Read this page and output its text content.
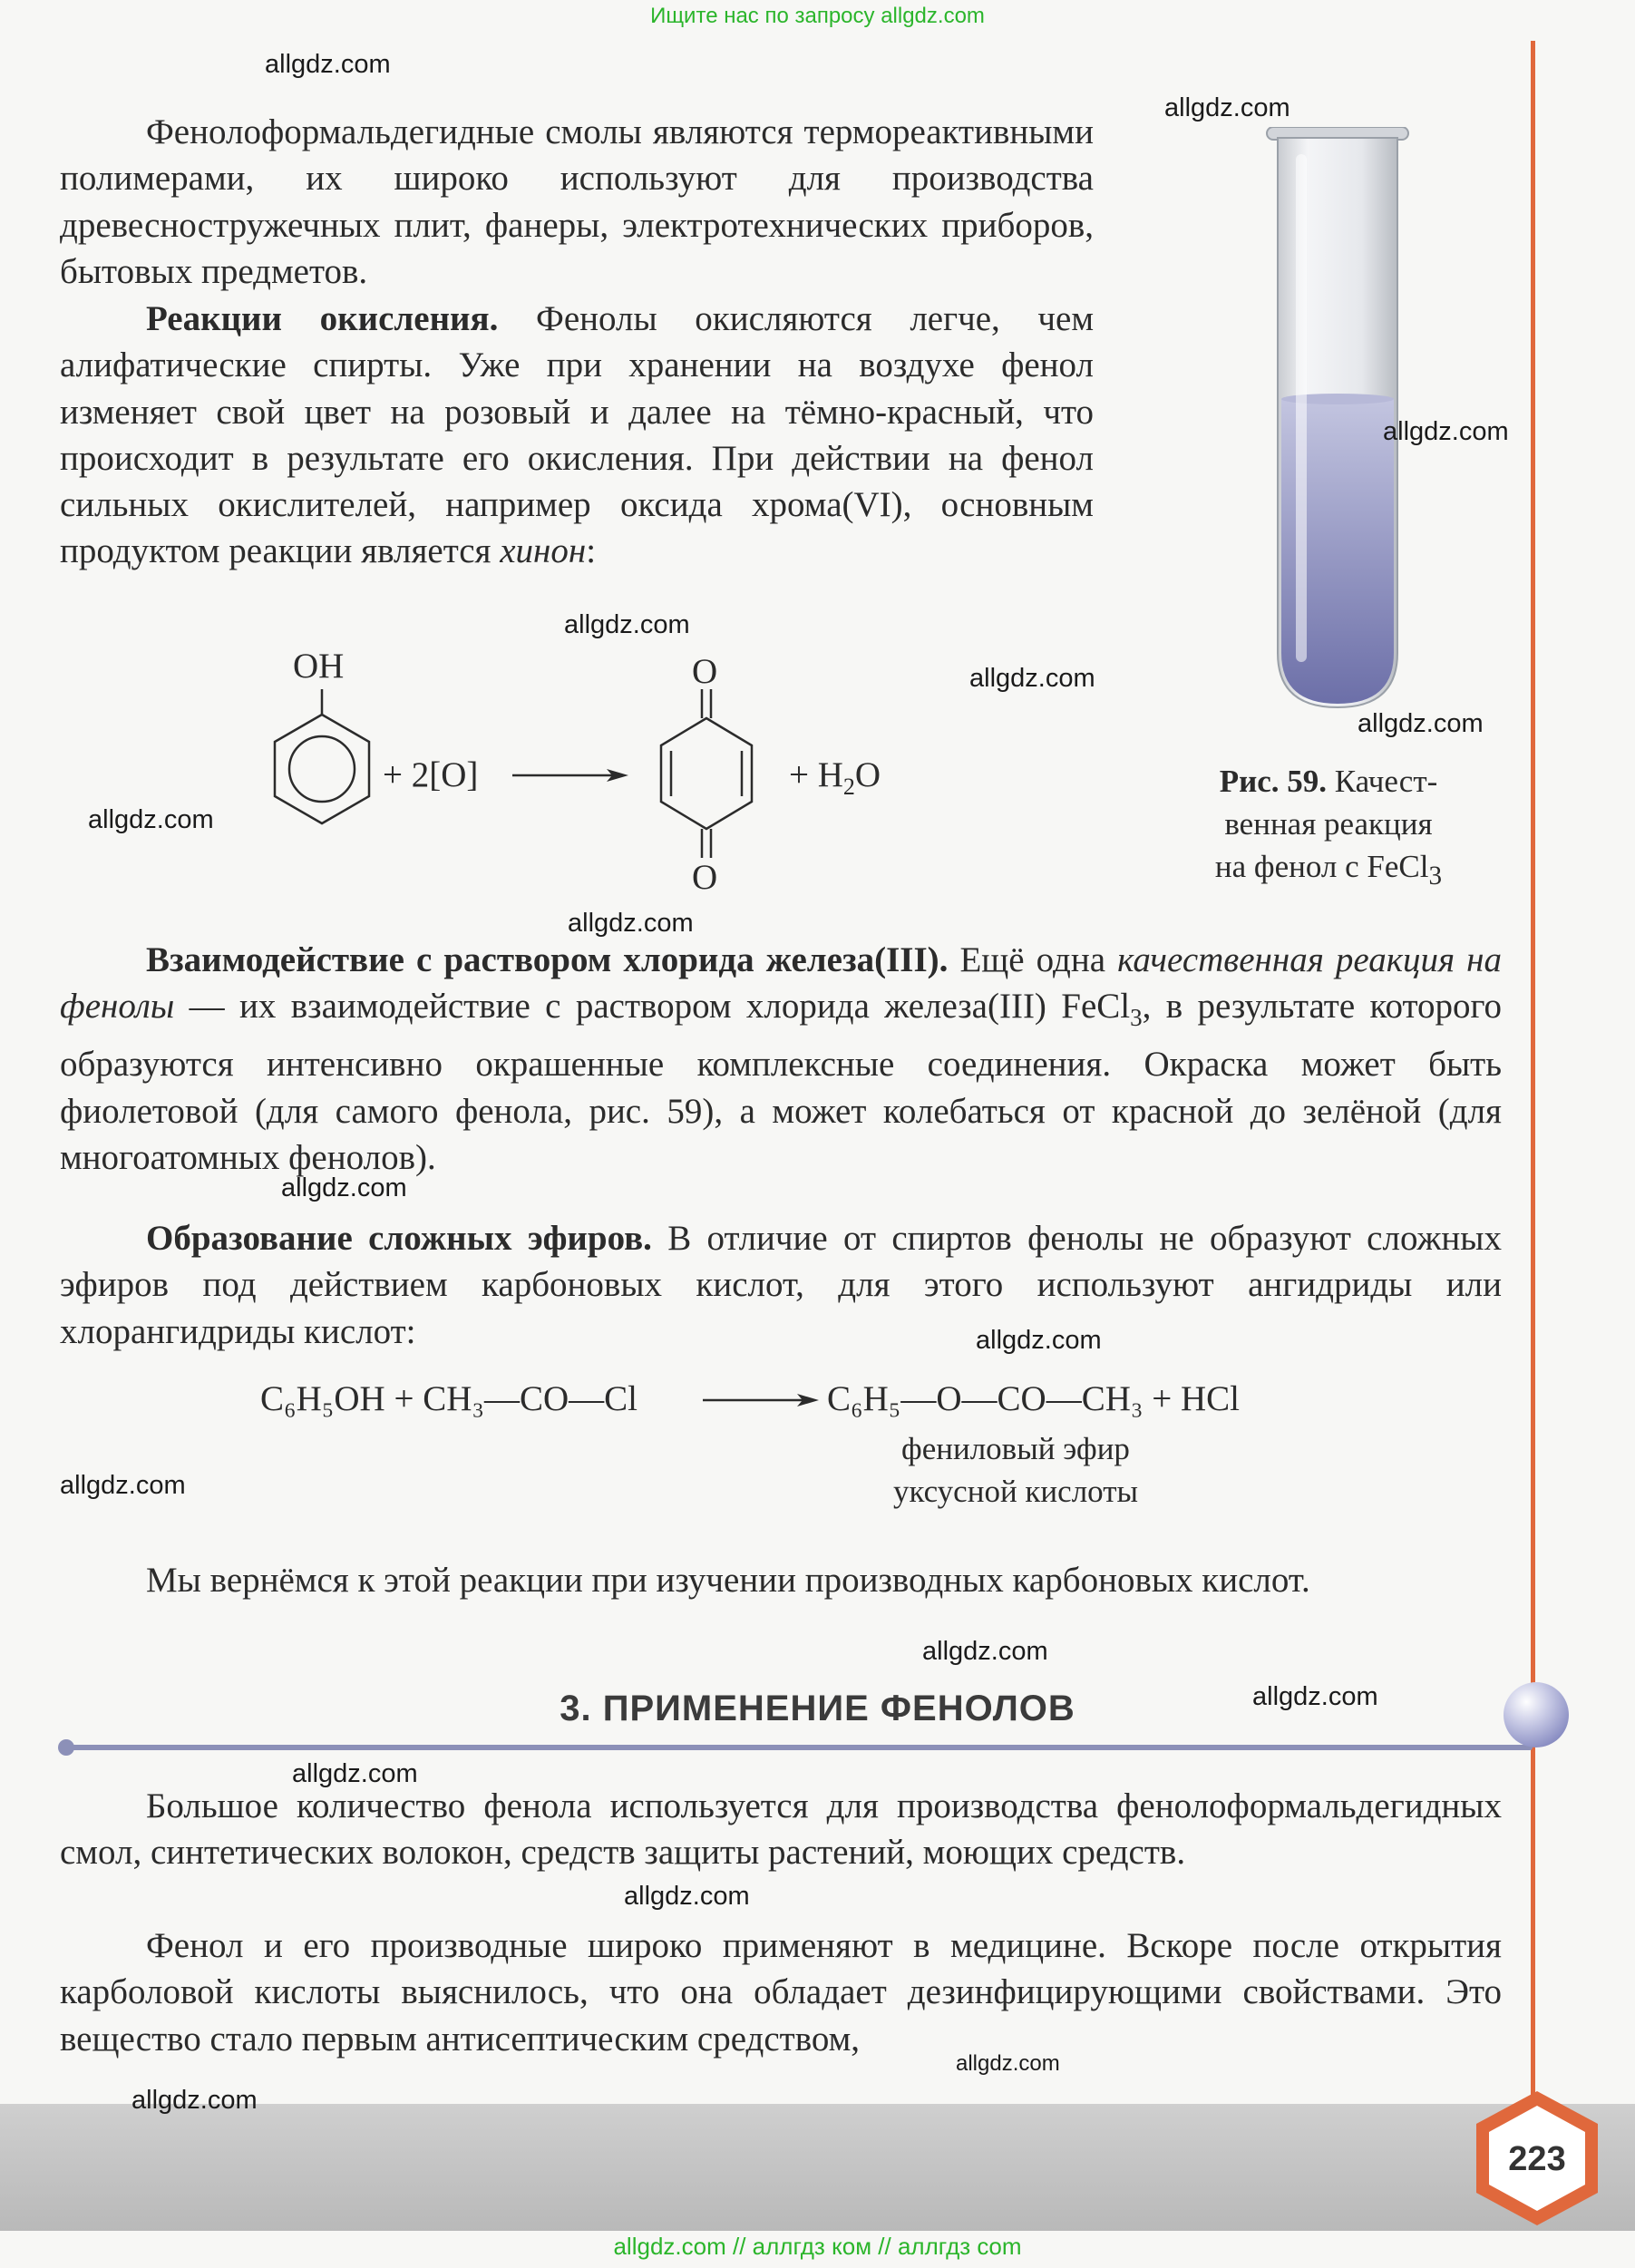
Ищите нас по запросу allgdz.com
Фенолоформальдегидные смолы являются термореактивными полимерами, их широко используют для производства древесностружечных плит, фанеры, электротехнических приборов, бытовых предметов.
Реакции окисления. Фенолы окисляются легче, чем алифатические спирты. Уже при хранении на воздухе фенол изменяет свой цвет на розовый и далее на тёмно-красный, что происходит в результате его окисления. При действии на фенол сильных окислителей, например оксида хрома(VI), основным продуктом реакции является хинон:
Рис. 59. Качест-
венная реакция
на фенол с FeCl$_3$
OH
+ 2[O]
O
O
+ $H_2O$
Взаимодействие с раствором хлорида железа(III). Ещё одна качественная реакция на фенолы — их взаимодействие с раствором хлорида железа(III) FeCl$_3$, в результате которого образуются интенсивно окрашенные комплексные соединения. Окраска может быть фиолетовой (для самого фенола, рис. 59), а может колебаться от красной до зелёной (для многоатомных фенолов).
Образование сложных эфиров. В отличие от спиртов фенолы не образуют сложных эфиров под действием карбоновых кислот, для этого используют ангидриды или хлорангидриды кислот:
C₆H₅OH + CH₃—CO—Cl	C₆H₅—O—CO—CH₃ + HCl
фениловый эфир
уксусной кислоты
Мы вернёмся к этой реакции при изучении производных карбоновых кислот.
3. ПРИМЕНЕНИЕ ФЕНОЛОВ
Большое количество фенола используется для производства фенолоформальдегидных смол, синтетических волокон, средств защиты растений, моющих средств.
Фенол и его производные широко применяют в медицине. Вскоре после открытия карболовой кислоты выяснилось, что она обладает дезинфицирующими свойствами. Это вещество стало первым антисептическим средством,
223
allgdz.com // аллгдз ком // аллгдз com
allgdz.com
allgdz.com
allgdz.com
allgdz.com
allgdz.com
allgdz.com
allgdz.com
allgdz.com
allgdz.com
allgdz.com
allgdz.com
allgdz.com
allgdz.com
allgdz.com
allgdz.com
allgdz.com
allgdz.com
